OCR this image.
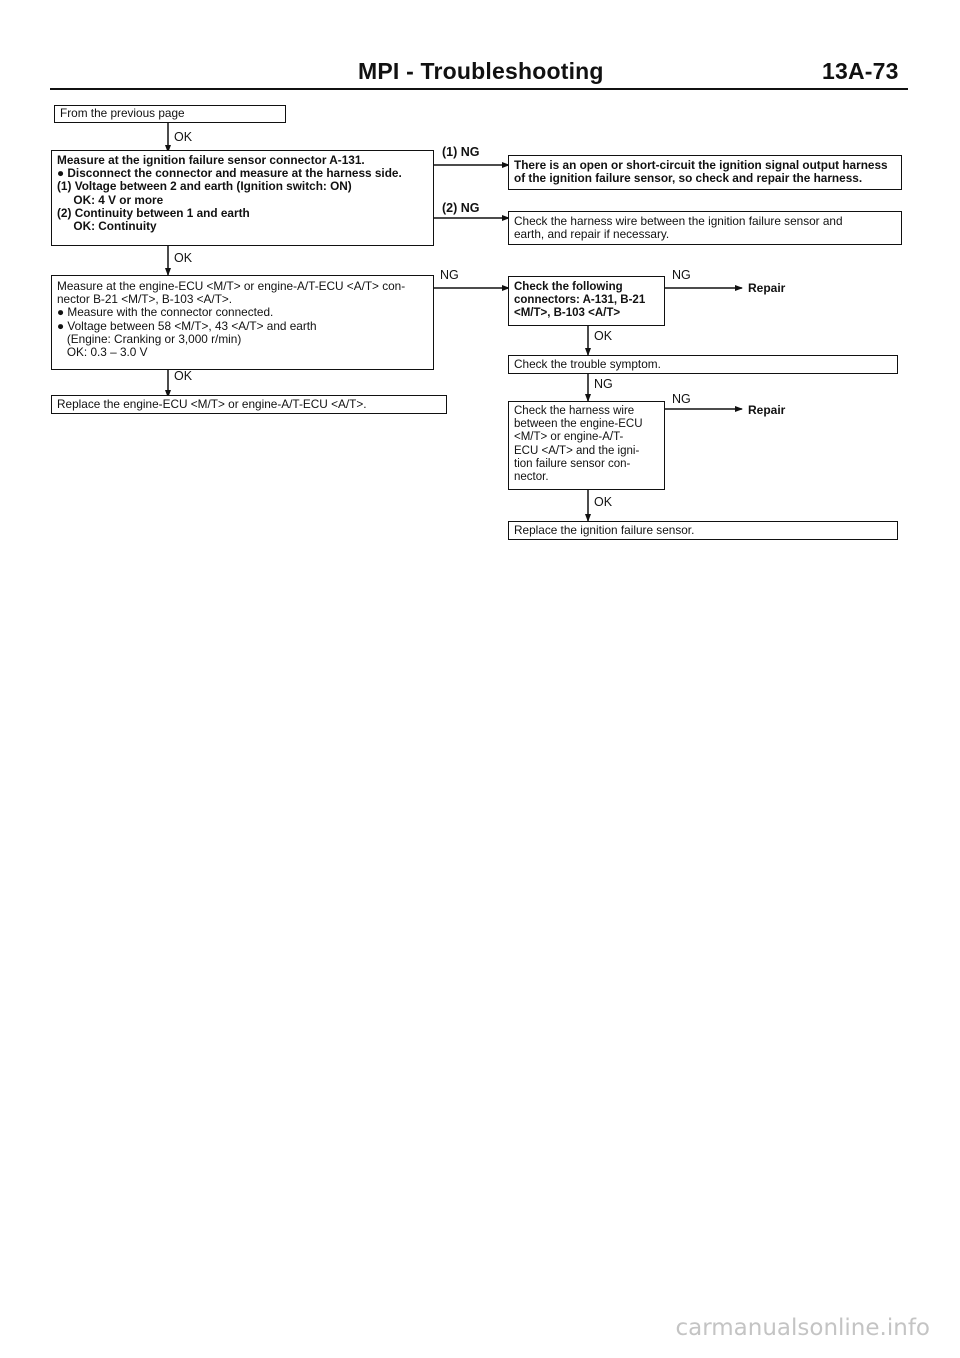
MPI - Troubleshooting	13A-73
From the previous page
Measure at the ignition failure sensor connector A-131.
● Disconnect the connector and measure at the harness side.
(1) Voltage between 2 and earth (Ignition switch: ON)
OK: 4 V or more
(2) Continuity between 1 and earth
OK: Continuity
Measure at the engine-ECU <M/T> or engine-A/T-ECU <A/T> con-
nector B-21 <M/T>, B-103 <A/T>.
● Measure with the connector connected.
● Voltage between 58 <M/T>, 43 <A/T> and earth
(Engine: Cranking or 3,000 r/min)
OK: 0.3 – 3.0 V
Replace the engine-ECU <M/T> or engine-A/T-ECU <A/T>.
There is an open or short-circuit the ignition signal output harness
of the ignition failure sensor, so check and repair the harness.
Check the harness wire between the ignition failure sensor and
earth, and repair if necessary.
Check the following
connectors: A-131, B-21
<M/T>, B-103 <A/T>
Check the trouble symptom.
Check the harness wire
between the engine-ECU
<M/T> or engine-A/T-
ECU <A/T> and the igni-
tion failure sensor con-
nector.
Replace the ignition failure sensor.
OK
OK
OK
(1) NG
(2) NG
NG	NG
Repair
OK
NG
NG
Repair
OK
carmanualsonline.info
